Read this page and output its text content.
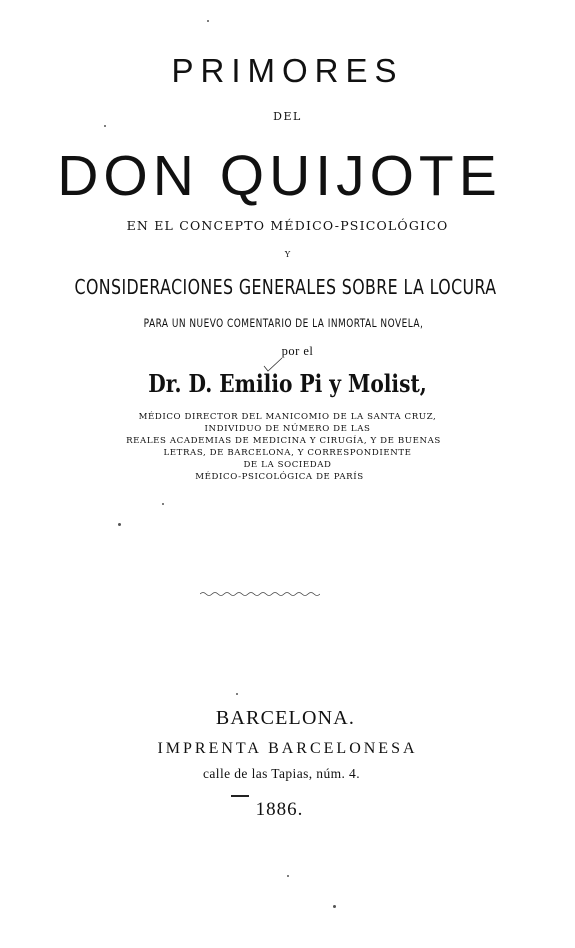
PRIMORES
DEL
DON QUIJOTE
EN EL CONCEPTO MÉDICO-PSICOLÓGICO
Y
CONSIDERACIONES GENERALES SOBRE LA LOCURA
PARA UN NUEVO COMENTARIO DE LA INMORTAL NOVELA,
por el
Dr. D. Emilio Pi y Molist,
MÉDICO DIRECTOR DEL MANICOMIO DE LA SANTA CRUZ,
INDIVIDUO DE NÚMERO DE LAS
REALES ACADEMIAS DE MEDICINA Y CIRUGÍA, Y DE BUENAS
LETRAS, DE BARCELONA, Y CORRESPONDIENTE
DE LA SOCIEDAD
MÉDICO-PSICOLÓGICA DE PARÍS
BARCELONA.
IMPRENTA BARCELONESA
calle de las Tapias, núm. 4.
1886.
